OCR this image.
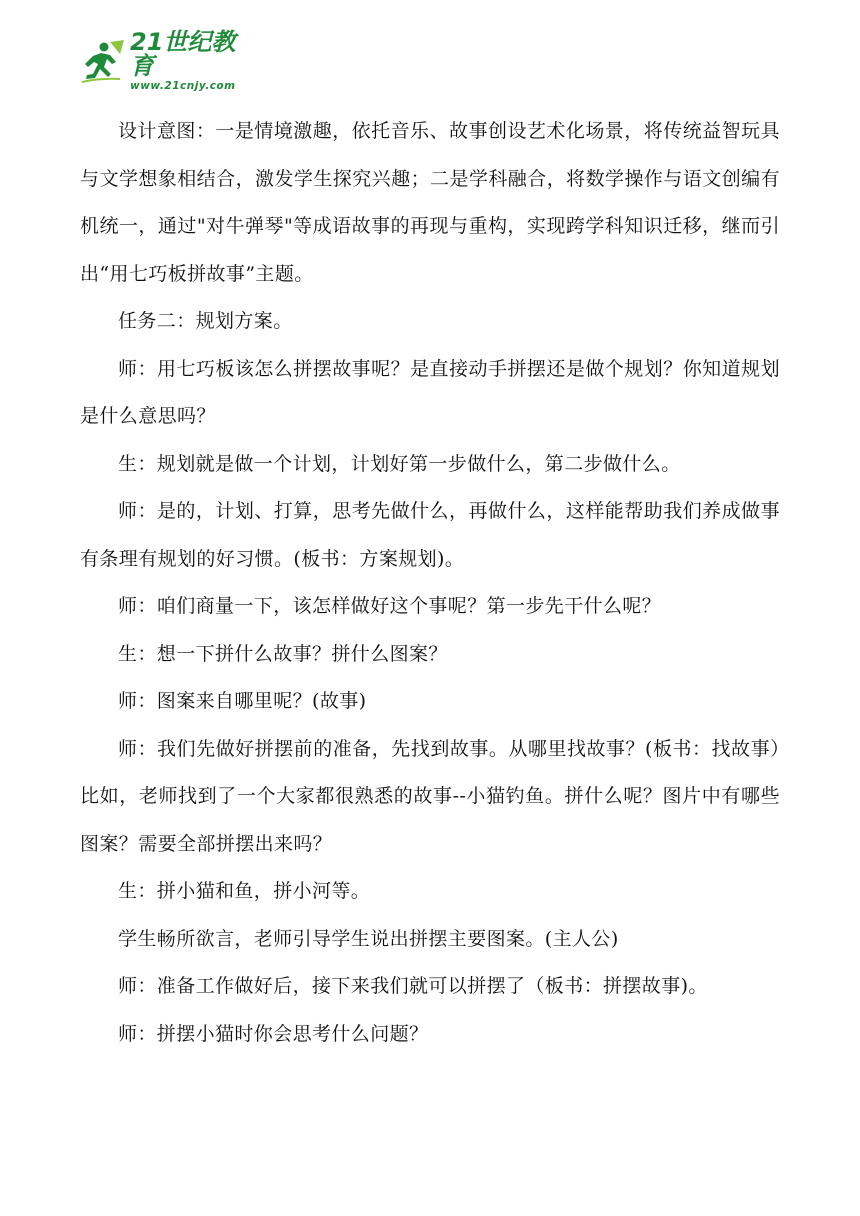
21世纪教育
www.21cnjy.com

设计意图：一是情境激趣，依托音乐、故事创设艺术化场景，将传统益智玩具与文学想象相结合，激发学生探究兴趣；二是学科融合，将数学操作与语文创编有机统一，通过"对牛弹琴"等成语故事的再现与重构，实现跨学科知识迁移，继而引出“用七巧板拼故事”主题。

任务二：规划方案。

师：用七巧板该怎么拼摆故事呢？是直接动手拼摆还是做个规划？你知道规划是什么意思吗？

生：规划就是做一个计划，计划好第一步做什么，第二步做什么。

师：是的，计划、打算，思考先做什么，再做什么，这样能帮助我们养成做事有条理有规划的好习惯。(板书：方案规划)。

师：咱们商量一下，该怎样做好这个事呢？第一步先干什么呢？

生：想一下拼什么故事？拼什么图案？

师：图案来自哪里呢？(故事)

师：我们先做好拼摆前的准备，先找到故事。从哪里找故事？(板书：找故事）比如，老师找到了一个大家都很熟悉的故事--小猫钓鱼。拼什么呢？图片中有哪些图案？需要全部拼摆出来吗？

生：拼小猫和鱼，拼小河等。

学生畅所欲言，老师引导学生说出拼摆主要图案。(主人公)

师：准备工作做好后，接下来我们就可以拼摆了（板书：拼摆故事)。

师：拼摆小猫时你会思考什么问题？
